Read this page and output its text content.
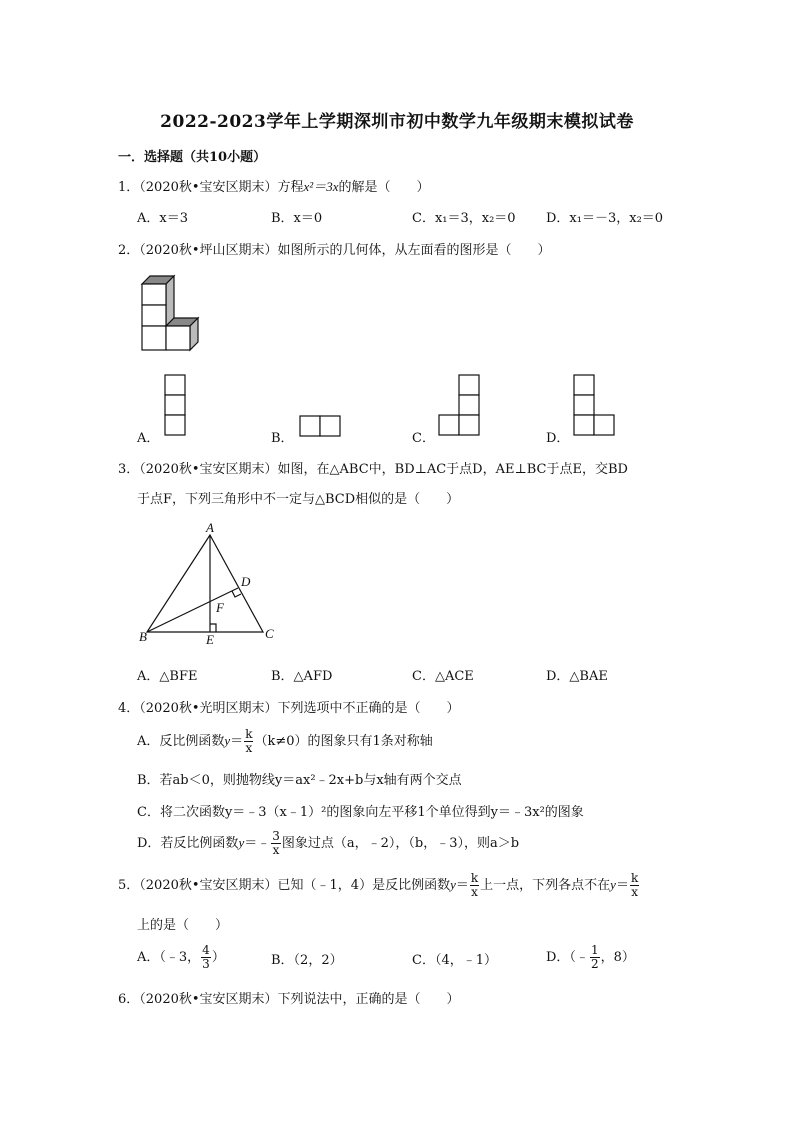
2022-2023学年上学期深圳市初中数学九年级期末模拟试卷
一．选择题（共10小题）
1．（2020秋•宝安区期末）方程x²＝3x的解是（　　）
A．x＝3	B．x＝0	C．x₁＝3，x₂＝0 D．x₁＝－3，x₂＝0
2．（2020秋•坪山区期末）如图所示的几何体，从左面看的图形是（　　）
A．	B．	C．	D．
3．（2020秋•宝安区期末）如图，在△ABC中，BD⊥AC于点D，AE⊥BC于点E，交BD
于点F，下列三角形中不一定与△BCD相似的是（　　）
A
B	C
D
E
F
A．△BFE	B．△AFD	C．△ACE	D．△BAE
4．（2020秋•光明区期末）下列选项中不正确的是（　　）
A．反比例函数$y= \frac{k}{x} (k\ne 0)$的图象只有1条对称轴
B．若ab＜0，则抛物线y＝ax²﹣2x+b与x轴有两个交点
C．将二次函数y＝﹣3（x﹣1）²的图象向左平移1个单位得到y＝﹣3x²的图象
D．若反比例函数y＝﹣ $\frac{3}{x}$ 图象过点（a，﹣2），（b，﹣3），则a＞b
5．（2020秋•宝安区期末）已知（﹣1，4）是反比例函数$y= \frac{k}{x}$ 上一点，下列各点不在$y= \frac{k}{x}$
上的是（　　）
A．（﹣3， $\frac{4}{3}$ ）	B．（2，2）	C．（4，﹣1）	D．（﹣ $\frac{1}{2}$ ，8）
6．（2020秋•宝安区期末）下列说法中，正确的是（　　）
